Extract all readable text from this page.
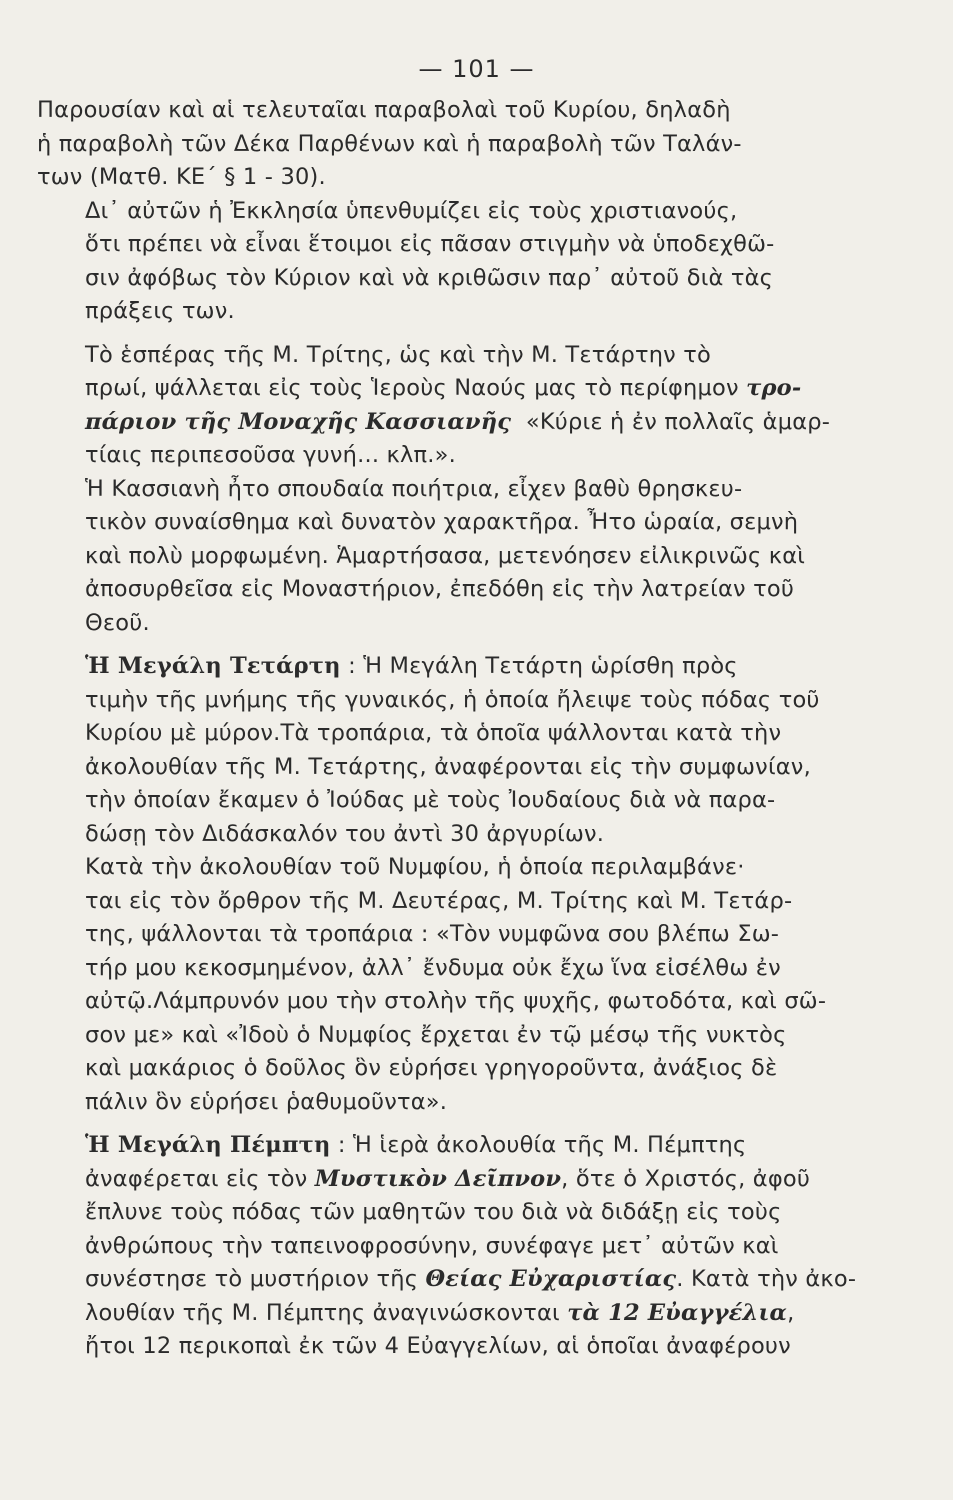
— 101 —

Παρουσίαν καὶ αἱ τελευταῖαι παραβολαὶ τοῦ Κυρίου, δηλαδὴ
ἡ παραβολὴ τῶν Δέκα Παρθένων καὶ ἡ παραβολὴ τῶν Ταλάν-
των (Ματθ. ΚΕ΄ § 1 - 30).

Δι᾿ αὐτῶν ἡ Ἐκκλησία ὑπενθυμίζει εἰς τοὺς χριστιανούς,
ὅτι πρέπει νὰ εἶναι ἕτοιμοι εἰς πᾶσαν στιγμὴν νὰ ὑποδεχθῶ-
σιν ἀφόβως τὸν Κύριον καὶ νὰ κριθῶσιν παρ᾿ αὐτοῦ διὰ τὰς
πράξεις των.

Τὸ ἑσπέρας τῆς Μ. Τρίτης, ὡς καὶ τὴν Μ. Τετάρτην τὸ
πρωί, ψάλλεται εἰς τοὺς Ἱεροὺς Ναούς μας τὸ περίφημον τρο-
πάριον τῆς Μοναχῆς Κασσιανῆς «Κύριε ἡ ἐν πολλαῖς ἁμαρ-
τίαις περιπεσοῦσα γυνή... κλπ.».

Ἡ Κασσιανὴ ἦτο σπουδαία ποιήτρια, εἶχεν βαθὺ θρησκευ-
τικὸν συναίσθημα καὶ δυνατὸν χαρακτῆρα. Ἦτο ὡραία, σεμνὴ
καὶ πολὺ μορφωμένη. Ἁμαρτήσασα, μετενόησεν εἰλικρινῶς καὶ
ἀποσυρθεῖσα εἰς Μοναστήριον, ἐπεδόθη εἰς τὴν λατρείαν τοῦ
Θεοῦ.

Ἡ Μεγάλη Τετάρτη : Ἡ Μεγάλη Τετάρτη ὡρίσθη πρὸς
τιμὴν τῆς μνήμης τῆς γυναικός, ἡ ὁποία ἤλειψε τοὺς πόδας τοῦ
Κυρίου μὲ μύρον.Τὰ τροπάρια, τὰ ὁποῖα ψάλλονται κατὰ τὴν
ἀκολουθίαν τῆς Μ. Τετάρτης, ἀναφέρονται εἰς τὴν συμφωνίαν,
τὴν ὁποίαν ἔκαμεν ὁ Ἰούδας μὲ τοὺς Ἰουδαίους διὰ νὰ παρα-
δώσῃ τὸν Διδάσκαλόν του ἀντὶ 30 ἀργυρίων.

Κατὰ τὴν ἀκολουθίαν τοῦ Νυμφίου, ἡ ὁποία περιλαμβάνε·
ται εἰς τὸν ὄρθρον τῆς Μ. Δευτέρας, Μ. Τρίτης καὶ Μ. Τετάρ-
της, ψάλλονται τὰ τροπάρια : «Τὸν νυμφῶνα σου βλέπω Σω-
τήρ μου κεκοσμημένον, ἀλλ᾿ ἔνδυμα οὐκ ἔχω ἵνα εἰσέλθω ἐν
αὐτῷ.Λάμπρυνόν μου τὴν στολὴν τῆς ψυχῆς, φωτοδότα, καὶ σῶ-
σον με» καὶ «Ἰδοὺ ὁ Νυμφίος ἔρχεται ἐν τῷ μέσῳ τῆς νυκτὸς
καὶ μακάριος ὁ δοῦλος ὃν εὑρήσει γρηγοροῦντα, ἀνάξιος δὲ
πάλιν ὃν εὑρήσει ῥαθυμοῦντα».

Ἡ Μεγάλη Πέμπτη : Ἡ ἱερὰ ἀκολουθία τῆς Μ. Πέμπτης
ἀναφέρεται εἰς τὸν Μυστικὸν Δεῖπνον, ὅτε ὁ Χριστός, ἀφοῦ
ἔπλυνε τοὺς πόδας τῶν μαθητῶν του διὰ νὰ διδάξῃ εἰς τοὺς
ἀνθρώπους τὴν ταπεινοφροσύνην, συνέφαγε μετ᾿ αὐτῶν καὶ
συνέστησε τὸ μυστήριον τῆς Θείας Εὐχαριστίας. Κατὰ τὴν ἀκο-
λουθίαν τῆς Μ. Πέμπτης ἀναγινώσκονται τὰ 12 Εὐαγγέλια,
ἤτοι 12 περικοπαὶ ἐκ τῶν 4 Εὐαγγελίων, αἱ ὁποῖαι ἀναφέρουν
